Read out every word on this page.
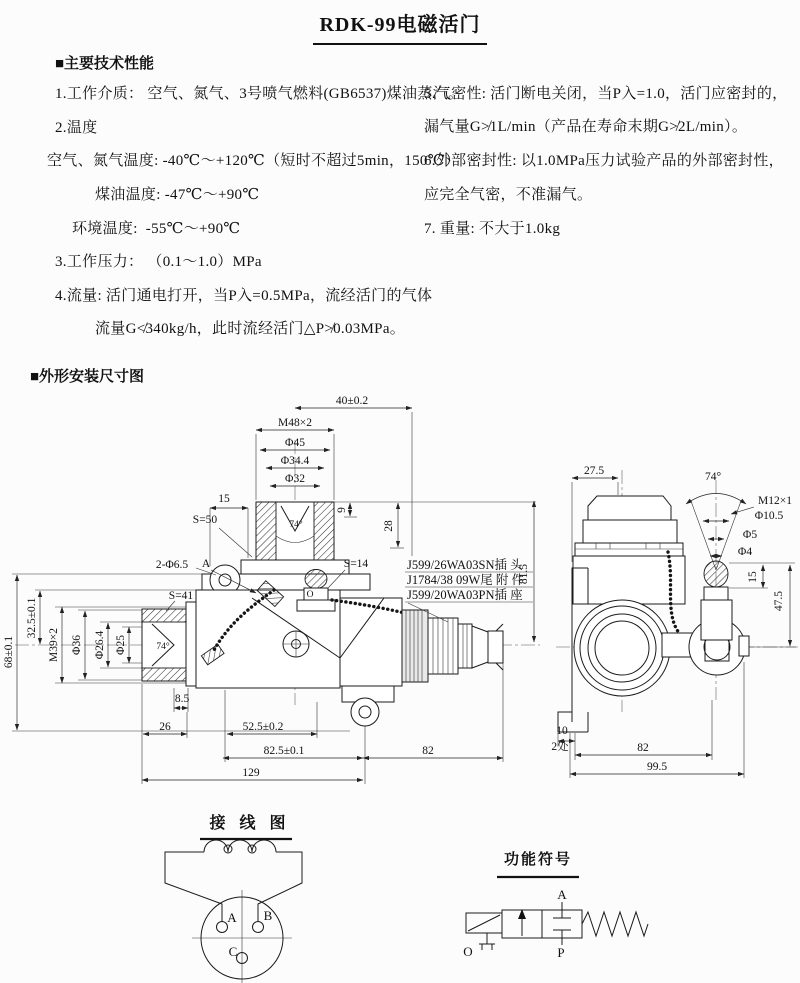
RDK-99电磁活门
■主要技术性能
1.工作介质： 空气、氮气、3号喷气燃料(GB6537)煤油蒸汽。
2.温度
空气、氮气温度: -40℃～+120℃（短时不超过5min，150℃）
煤油温度: -47℃～+90℃
环境温度:  -55℃～+90℃
3.工作压力： （0.1～1.0）MPa
4.流量: 活门通电打开，当P入=0.5MPa，流经活门的气体
流量G≮340kg/h，此时流经活门△P≯0.03MPa。
5.气密性: 活门断电关闭，当P入=1.0，活门应密封的，
漏气量G≯1L/min（产品在寿命末期G≯2L/min）。
6.外部密封性: 以1.0MPa压力试验产品的外部密封性，
应完全气密，不准漏气。
7. 重量: 不大于1.0kg
■外形安装尺寸图
40±0.2
M48×2
Φ45
Φ34.4
Φ32
74°
S=50
9
28
81.5
15
2-Φ6.5 A
S=41
74°
Φ25
Φ26.4
Φ36
M39×2
32.5±0.1
68±0.1
S=14
O
8.5
26	52.5±0.2
82.5±0.1	82
129
J599/26WA03SN插 头
J1784/38 09W尾 附 件
J599/20WA03PN插 座
27.5	74°
M12×1
Φ10.5
Φ5
Φ4
15
47.5
10
2处	82
99.5
接 线 图
A B
C
功能符号
A
P
O
